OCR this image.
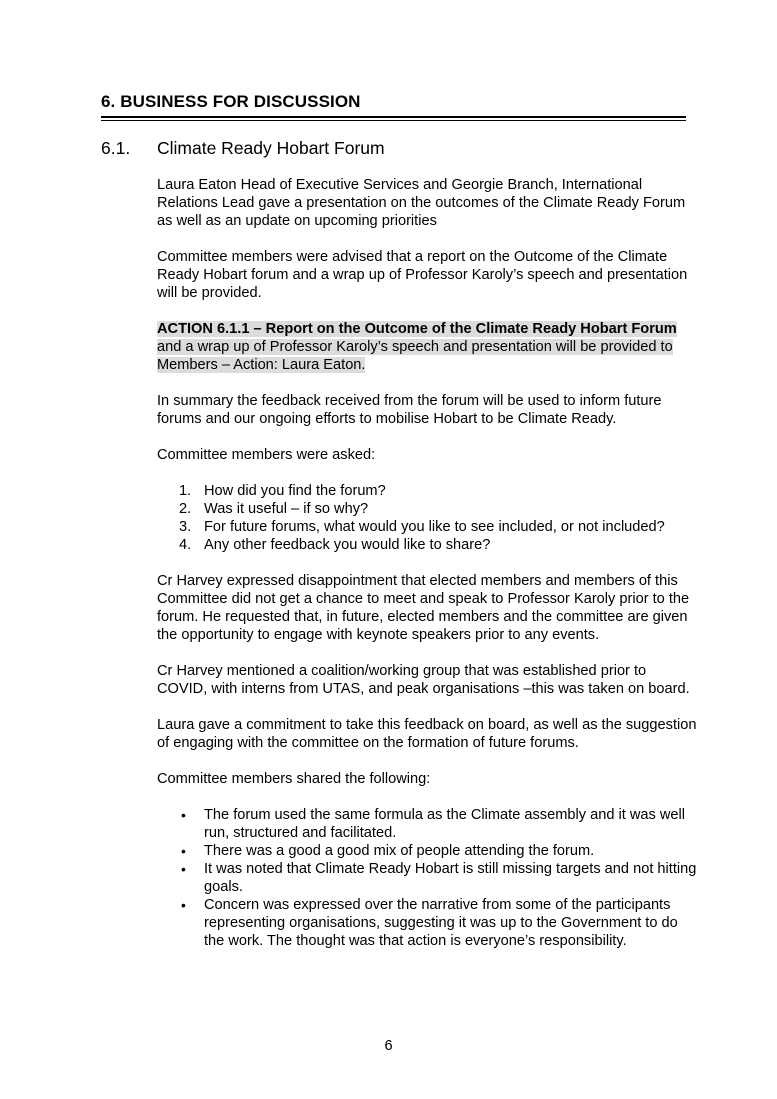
6. BUSINESS FOR DISCUSSION
6.1. Climate Ready Hobart Forum

Laura Eaton Head of Executive Services and Georgie Branch, International Relations Lead gave a presentation on the outcomes of the Climate Ready Forum as well as an update on upcoming priorities

Committee members were advised that a report on the Outcome of the Climate Ready Hobart forum and a wrap up of Professor Karoly’s speech and presentation will be provided.

ACTION 6.1.1 – Report on the Outcome of the Climate Ready Hobart Forum and a wrap up of Professor Karoly’s speech and presentation will be provided to Members – Action: Laura Eaton.

In summary the feedback received from the forum will be used to inform future forums and our ongoing efforts to mobilise Hobart to be Climate Ready.

Committee members were asked:

1. How did you find the forum?
2. Was it useful – if so why?
3. For future forums, what would you like to see included, or not included?
4. Any other feedback you would like to share?

Cr Harvey expressed disappointment that elected members and members of this Committee did not get a chance to meet and speak to Professor Karoly prior to the forum. He requested that, in future, elected members and the committee are given the opportunity to engage with keynote speakers prior to any events.

Cr Harvey mentioned a coalition/working group that was established prior to COVID, with interns from UTAS, and peak organisations –this was taken on board.

Laura gave a commitment to take this feedback on board, as well as the suggestion of engaging with the committee on the formation of future forums.

Committee members shared the following:

• The forum used the same formula as the Climate assembly and it was well run, structured and facilitated.
• There was a good a good mix of people attending the forum.
• It was noted that Climate Ready Hobart is still missing targets and not hitting goals.
• Concern was expressed over the narrative from some of the participants representing organisations, suggesting it was up to the Government to do the work. The thought was that action is everyone’s responsibility.
6
